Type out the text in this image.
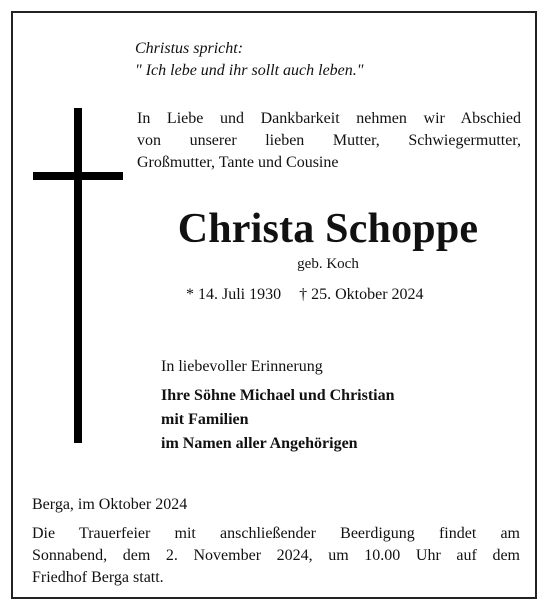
Christus spricht:
" Ich lebe und ihr sollt auch leben."
In Liebe und Dankbarkeit nehmen wir Abschied
von unserer lieben Mutter, Schwiegermutter,
Großmutter, Tante und Cousine
Christa Schoppe
geb. Koch
* 14. Juli 1930 † 25. Oktober 2024
In liebevoller Erinnerung
Ihre Söhne Michael und Christian
mit Familien
im Namen aller Angehörigen
Berga, im Oktober 2024
Die Trauerfeier mit anschließender Beerdigung findet am
Sonnabend, dem 2. November 2024, um 10.00 Uhr auf dem
Friedhof Berga statt.
